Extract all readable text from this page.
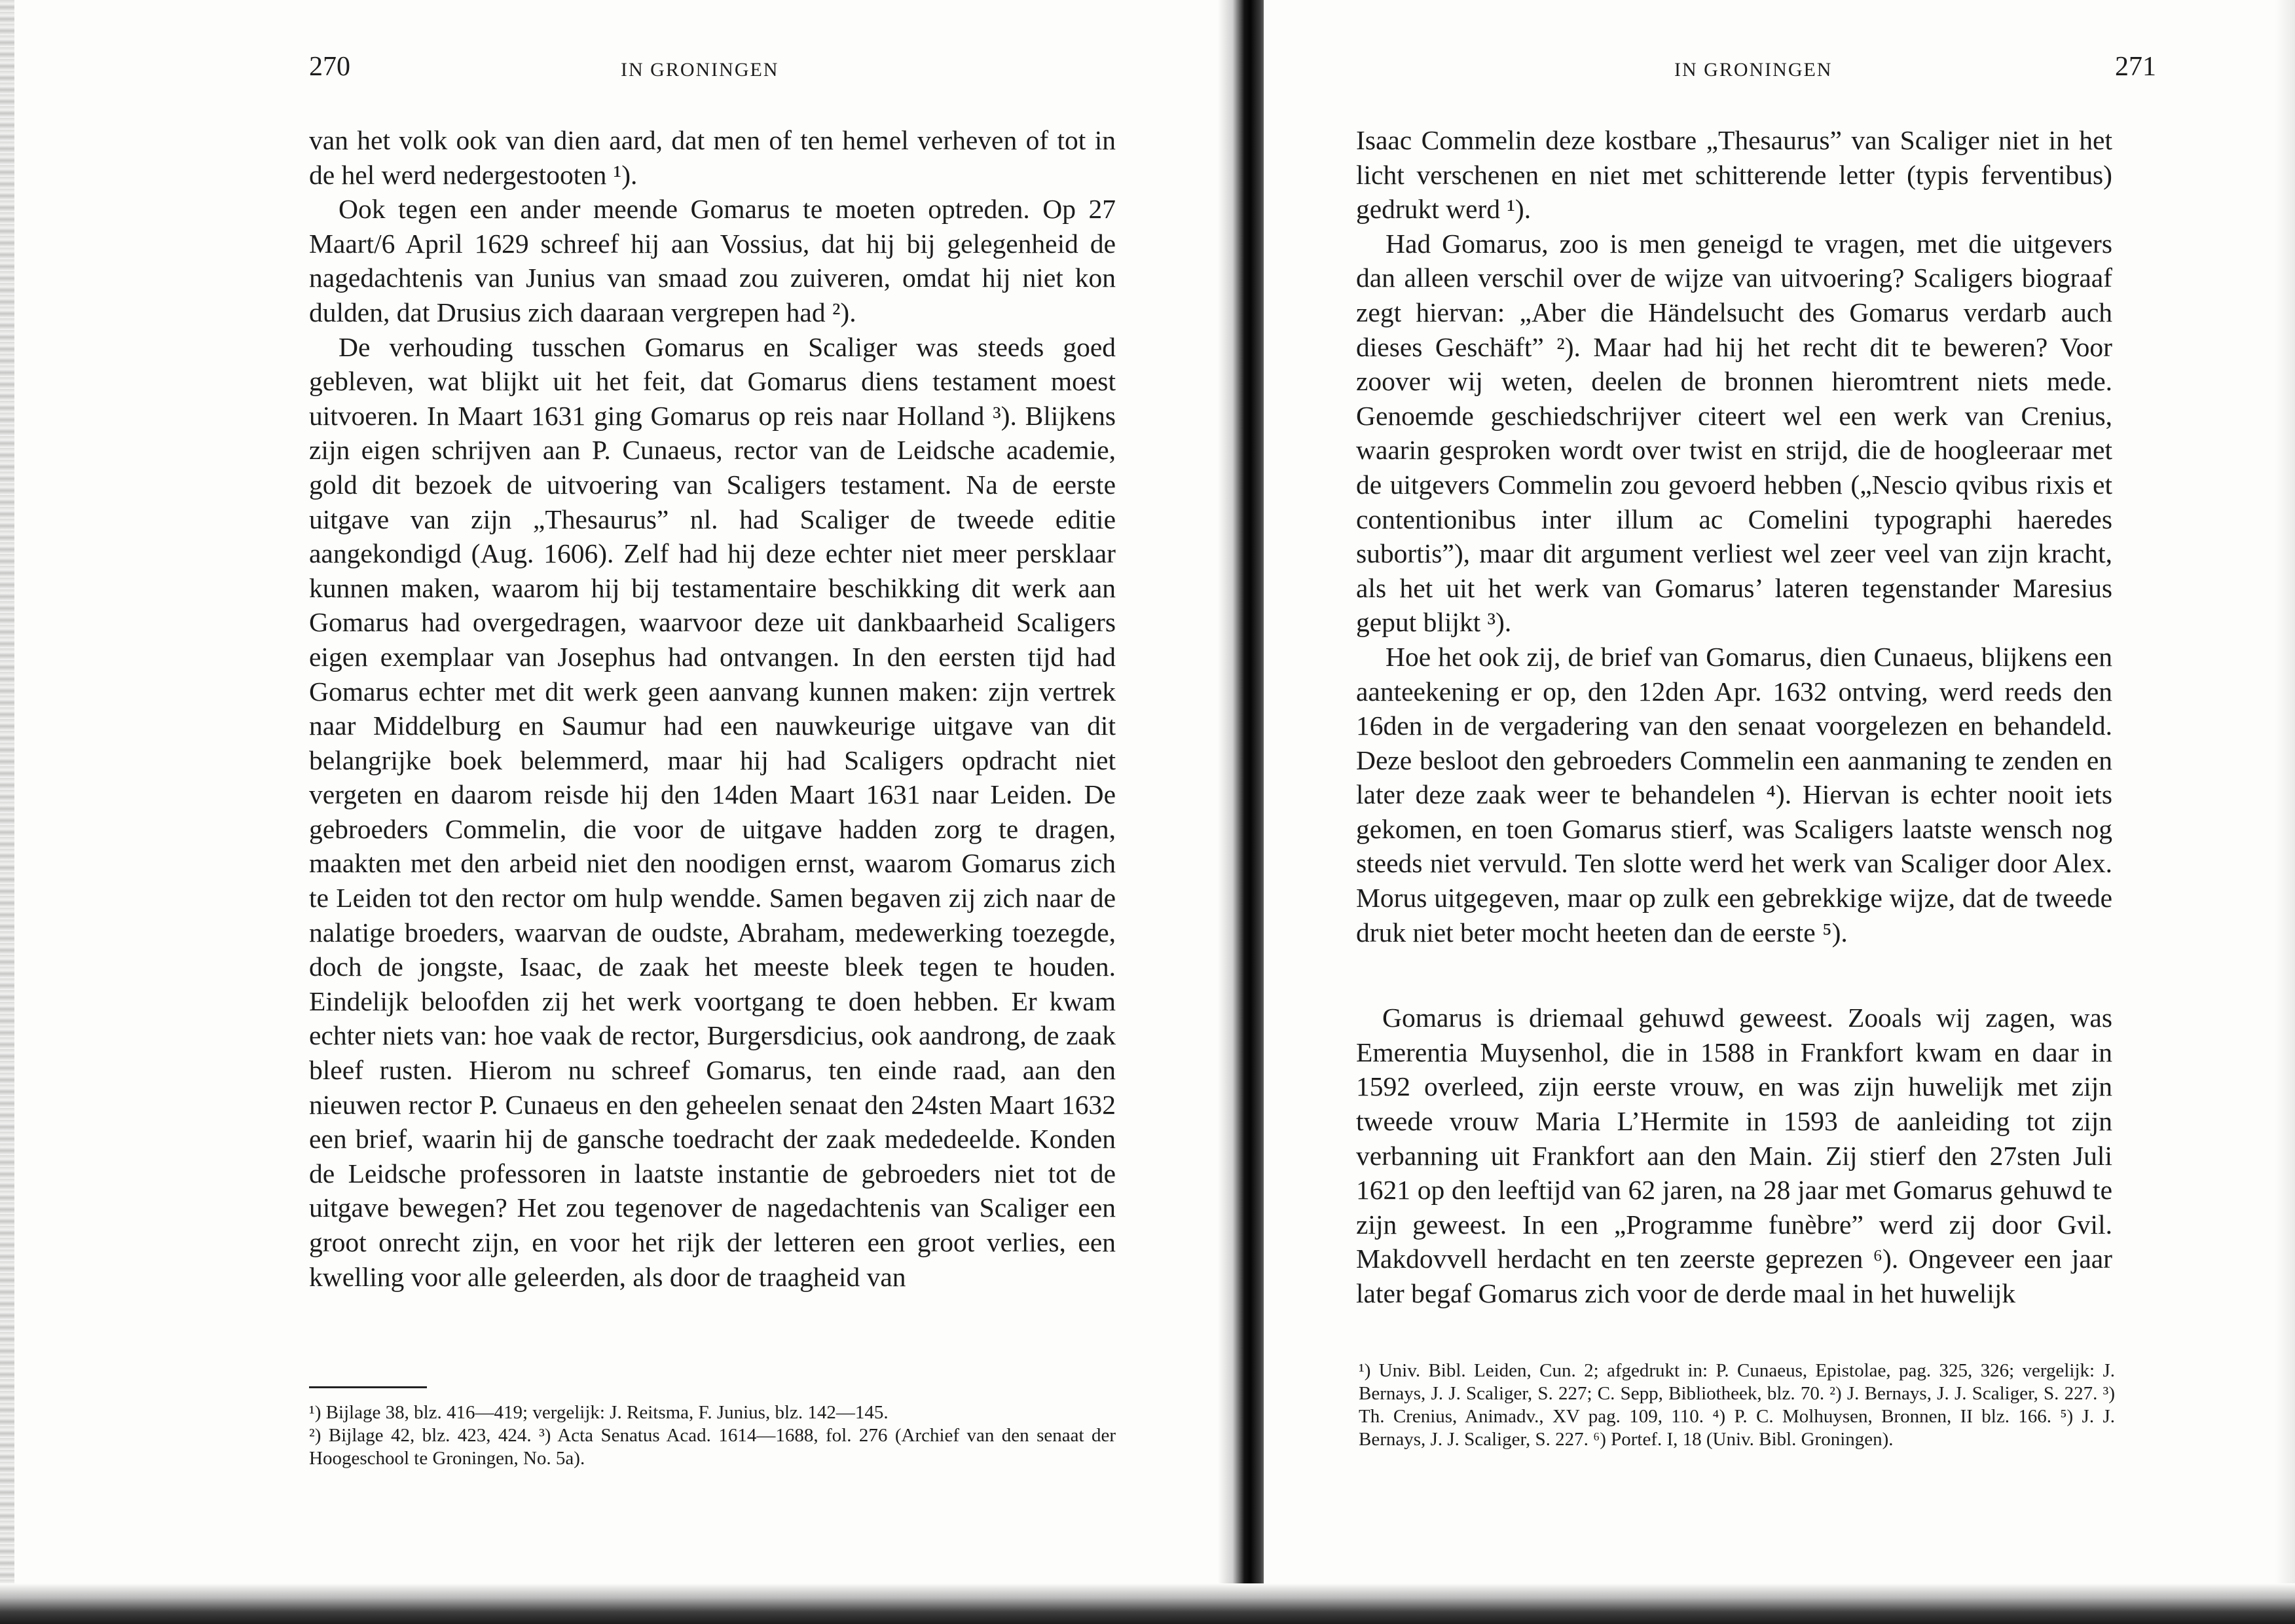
270	IN GRONINGEN

van het volk ook van dien aard, dat men of ten hemel verheven of tot in de hel werd nedergestooten ¹).

Ook tegen een ander meende Gomarus te moeten optreden. Op 27 Maart/6 April 1629 schreef hij aan Vossius, dat hij bij gelegenheid de nagedachtenis van Junius van smaad zou zuiveren, omdat hij niet kon dulden, dat Drusius zich daaraan vergrepen had ²).

De verhouding tusschen Gomarus en Scaliger was steeds goed gebleven, wat blijkt uit het feit, dat Gomarus diens testament moest uitvoeren. In Maart 1631 ging Gomarus op reis naar Holland ³). Blijkens zijn eigen schrijven aan P. Cunaeus, rector van de Leidsche academie, gold dit bezoek de uitvoering van Scaligers testament. Na de eerste uitgave van zijn „Thesaurus” nl. had Scaliger de tweede editie aangekondigd (Aug. 1606). Zelf had hij deze echter niet meer persklaar kunnen maken, waarom hij bij testamentaire beschikking dit werk aan Gomarus had overgedragen, waarvoor deze uit dankbaarheid Scaligers eigen exemplaar van Josephus had ontvangen. In den eersten tijd had Gomarus echter met dit werk geen aanvang kunnen maken: zijn vertrek naar Middelburg en Saumur had een nauwkeurige uitgave van dit belangrijke boek belemmerd, maar hij had Scaligers opdracht niet vergeten en daarom reisde hij den 14den Maart 1631 naar Leiden. De gebroeders Commelin, die voor de uitgave hadden zorg te dragen, maakten met den arbeid niet den noodigen ernst, waarom Gomarus zich te Leiden tot den rector om hulp wendde. Samen begaven zij zich naar de nalatige broeders, waarvan de oudste, Abraham, medewerking toezegde, doch de jongste, Isaac, de zaak het meeste bleek tegen te houden. Eindelijk beloofden zij het werk voortgang te doen hebben. Er kwam echter niets van: hoe vaak de rector, Burgersdicius, ook aandrong, de zaak bleef rusten. Hierom nu schreef Gomarus, ten einde raad, aan den nieuwen rector P. Cunaeus en den geheelen senaat den 24sten Maart 1632 een brief, waarin hij de gansche toedracht der zaak mededeelde. Konden de Leidsche professoren in laatste instantie de gebroeders niet tot de uitgave bewegen? Het zou tegenover de nagedachtenis van Scaliger een groot onrecht zijn, en voor het rijk der letteren een groot verlies, een kwelling voor alle geleerden, als door de traagheid van

¹) Bijlage 38, blz. 416—419; vergelijk: J. Reitsma, F. Junius, blz. 142—145.

²) Bijlage 42, blz. 423, 424. ³) Acta Senatus Acad. 1614—1688, fol. 276 (Archief van den senaat der Hoogeschool te Groningen, No. 5a).

IN GRONINGEN	271

Isaac Commelin deze kostbare „Thesaurus” van Scaliger niet in het licht verschenen en niet met schitterende letter (typis ferventibus) gedrukt werd ¹).

Had Gomarus, zoo is men geneigd te vragen, met die uitgevers dan alleen verschil over de wijze van uitvoering? Scaligers biograaf zegt hiervan: „Aber die Händelsucht des Gomarus verdarb auch dieses Geschäft” ²). Maar had hij het recht dit te beweren? Voor zoover wij weten, deelen de bronnen hieromtrent niets mede. Genoemde geschiedschrijver citeert wel een werk van Crenius, waarin gesproken wordt over twist en strijd, die de hoogleeraar met de uitgevers Commelin zou gevoerd hebben („Nescio qvibus rixis et contentionibus inter illum ac Comelini typographi haeredes subortis”), maar dit argument verliest wel zeer veel van zijn kracht, als het uit het werk van Gomarus’ lateren tegenstander Maresius geput blijkt ³).

Hoe het ook zij, de brief van Gomarus, dien Cunaeus, blijkens een aanteekening er op, den 12den Apr. 1632 ontving, werd reeds den 16den in de vergadering van den senaat voorgelezen en behandeld. Deze besloot den gebroeders Commelin een aanmaning te zenden en later deze zaak weer te behandelen ⁴). Hiervan is echter nooit iets gekomen, en toen Gomarus stierf, was Scaligers laatste wensch nog steeds niet vervuld. Ten slotte werd het werk van Scaliger door Alex. Morus uitgegeven, maar op zulk een gebrekkige wijze, dat de tweede druk niet beter mocht heeten dan de eerste ⁵).

Gomarus is driemaal gehuwd geweest. Zooals wij zagen, was Emerentia Muysenhol, die in 1588 in Frankfort kwam en daar in 1592 overleed, zijn eerste vrouw, en was zijn huwelijk met zijn tweede vrouw Maria L’Hermite in 1593 de aanleiding tot zijn verbanning uit Frankfort aan den Main. Zij stierf den 27sten Juli 1621 op den leeftijd van 62 jaren, na 28 jaar met Gomarus gehuwd te zijn geweest. In een „Programme funèbre” werd zij door Gvil. Makdovvell herdacht en ten zeerste geprezen ⁶). Ongeveer een jaar later begaf Gomarus zich voor de derde maal in het huwelijk

¹) Univ. Bibl. Leiden, Cun. 2; afgedrukt in: P. Cunaeus, Epistolae, pag. 325, 326; vergelijk: J. Bernays, J. J. Scaliger, S. 227; C. Sepp, Bibliotheek, blz. 70. ²) J. Bernays, J. J. Scaliger, S. 227. ³) Th. Crenius, Animadv., XV pag. 109, 110. ⁴) P. C. Molhuysen, Bronnen, II blz. 166. ⁵) J. J. Bernays, J. J. Scaliger, S. 227. ⁶) Portef. I, 18 (Univ. Bibl. Groningen).
